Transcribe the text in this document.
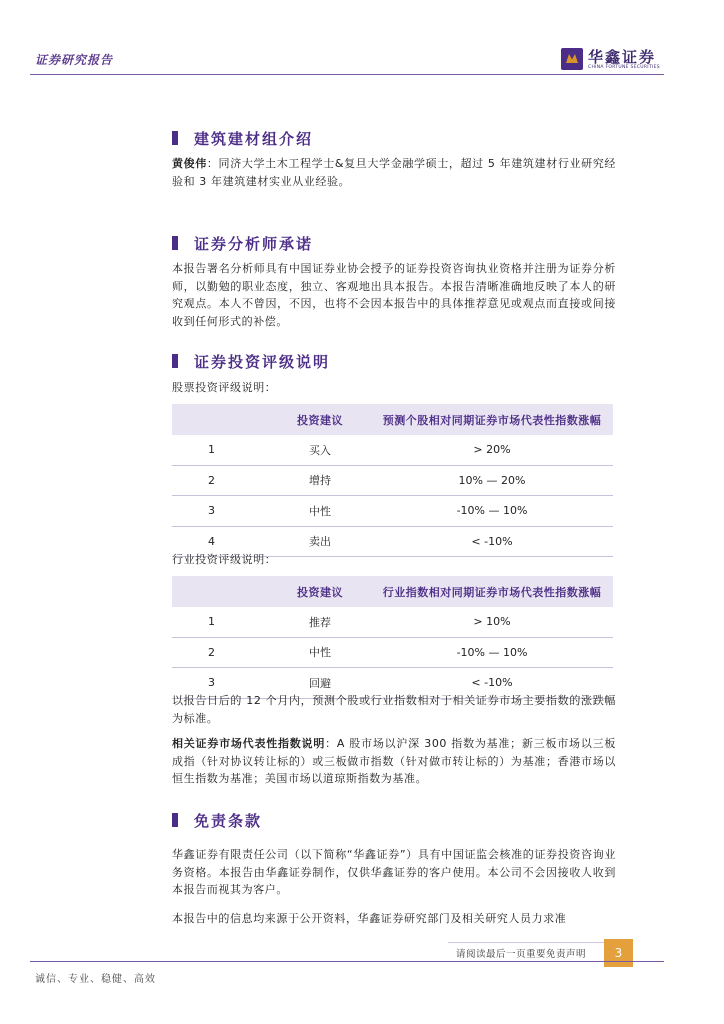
证券研究报告	华鑫证券
CHINA FORTUNE SECURITIES
建筑建材组介绍
黄俊伟：同济大学土木工程学士&复旦大学金融学硕士，超过 5 年建筑建材行业研究经验和 3 年建筑建材实业从业经验。
证券分析师承诺
本报告署名分析师具有中国证券业协会授予的证券投资咨询执业资格并注册为证券分析师，以勤勉的职业态度，独立、客观地出具本报告。本报告清晰准确地反映了本人的研究观点。本人不曾因，不因，也将不会因本报告中的具体推荐意见或观点而直接或间接收到任何形式的补偿。
证券投资评级说明
股票投资评级说明：
	投资建议	预测个股相对同期证券市场代表性指数涨幅
1	买入	> 20%
2	增持	10% — 20%
3	中性	-10% — 10%
4	卖出	< -10%
行业投资评级说明：
	投资建议	行业指数相对同期证券市场代表性指数涨幅
1	推荐	> 10%
2	中性	-10% — 10%
3	回避	< -10%
以报告日后的 12 个月内，预测个股或行业指数相对于相关证券市场主要指数的涨跌幅为标准。
相关证券市场代表性指数说明：A 股市场以沪深 300 指数为基准；新三板市场以三板成指（针对协议转让标的）或三板做市指数（针对做市转让标的）为基准；香港市场以恒生指数为基准；美国市场以道琼斯指数为基准。
免责条款
华鑫证券有限责任公司（以下简称“华鑫证券”）具有中国证监会核准的证券投资咨询业务资格。本报告由华鑫证券制作，仅供华鑫证券的客户使用。本公司不会因接收人收到本报告而视其为客户。
本报告中的信息均来源于公开资料，华鑫证券研究部门及相关研究人员力求准
请阅读最后一页重要免责声明	3
诚信、专业、稳健、高效
